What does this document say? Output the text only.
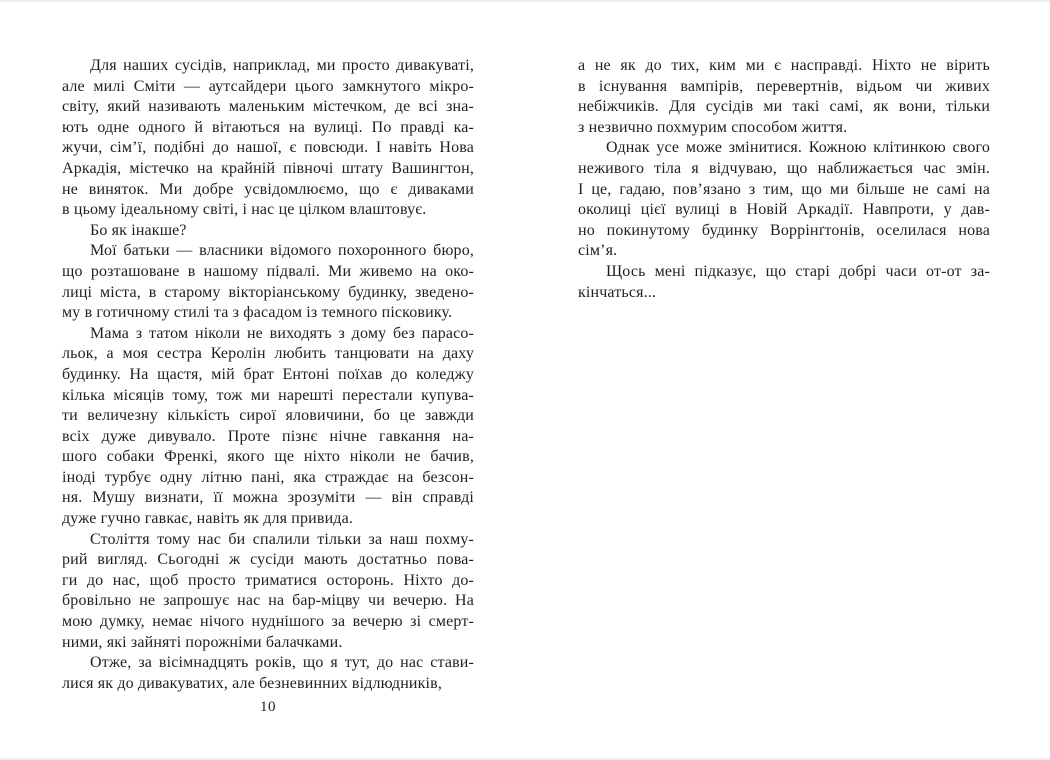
Для наших сусідів, наприклад, ми просто дивакуваті,
але милі Сміти — аутсайдери цього замкнутого мікро-
світу, який називають маленьким містечком, де всі зна-
ють одне одного й вітаються на вулиці. По правді ка-
жучи, сім’ї, подібні до нашої, є повсюди. І навіть Нова
Аркадія, містечко на крайній півночі штату Вашингтон,
не виняток. Ми добре усвідомлюємо, що є диваками
в цьому ідеальному світі, і нас це цілком влаштовує.
Бо як інакше?
Мої батьки — власники відомого похоронного бюро,
що розташоване в нашому підвалі. Ми живемо на око-
лиці міста, в старому вікторіанському будинку, зведено-
му в готичному стилі та з фасадом із темного пісковику.
Мама з татом ніколи не виходять з дому без парасо-
льок, а моя сестра Керолін любить танцювати на даху
будинку. На щастя, мій брат Ентоні поїхав до коледжу
кілька місяців тому, тож ми нарешті перестали купува-
ти величезну кількість сирої яловичини, бо це завжди
всіх дуже дивувало. Проте пізнє нічне гавкання на-
шого собаки Френкі, якого ще ніхто ніколи не бачив,
іноді турбує одну літню пані, яка страждає на безсон-
ня. Мушу визнати, її можна зрозуміти — він справді
дуже гучно гавкає, навіть як для привида.
Століття тому нас би спалили тільки за наш похму-
рий вигляд. Сьогодні ж сусіди мають достатньо пова-
ги до нас, щоб просто триматися осторонь. Ніхто до-
бровільно не запрошує нас на бар-міцву чи вечерю. На
мою думку, немає нічого нуднішого за вечерю зі смерт-
ними, які зайняті порожніми балачками.
Отже, за вісімнадцять років, що я тут, до нас стави-
лися як до дивакуватих, але безневинних відлюдників,
а не як до тих, ким ми є насправді. Ніхто не вірить
в існування вампірів, перевертнів, відьом чи живих
небіжчиків. Для сусідів ми такі самі, як вони, тільки
з незвично похмурим способом життя.
Однак усе може змінитися. Кожною клітинкою свого
неживого тіла я відчуваю, що наближається час змін.
І це, гадаю, пов’язано з тим, що ми більше не самі на
околиці цієї вулиці в Новій Аркадії. Навпроти, у дав-
но покинутому будинку Воррінґтонів, оселилася нова
сім’я.
Щось мені підказує, що старі добрі часи от-от за-
кінчаться...
10
